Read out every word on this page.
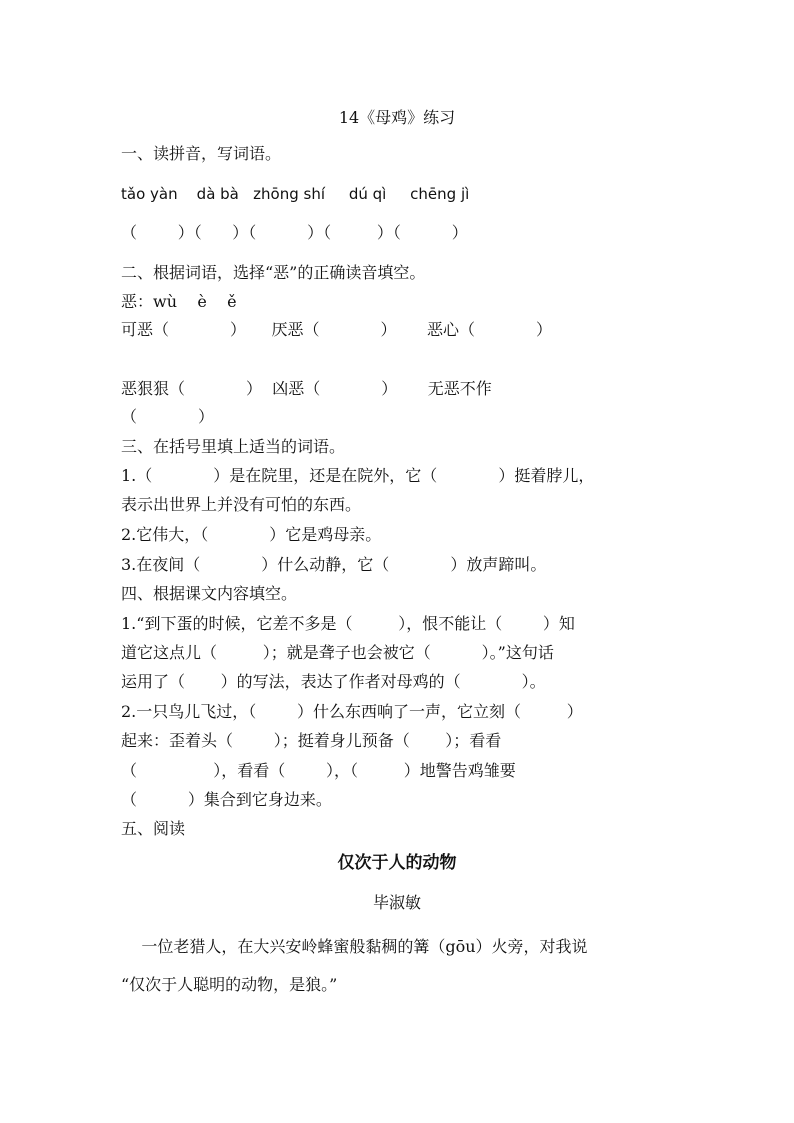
14《母鸡》练习
一、读拼音，写词语。
tǎo yàn    dà bà   zhōng shí     dú qì     chēng jì
（        ）（      ）（          ）（         ）（          ）
二、根据词语，选择“恶”的正确读音填空。
恶：wù    è    ě
可恶（            ）     厌恶（            ）      恶心（            ）
恶狠狠（            ）  凶恶（            ）      无恶不作
（            ）
三、在括号里填上适当的词语。
1.（            ）是在院里，还是在院外，它（            ）挺着脖儿，
表示出世界上并没有可怕的东西。
2.它伟大，（            ）它是鸡母亲。
3.在夜间（            ）什么动静，它（            ）放声蹄叫。
四、根据课文内容填空。
1.“到下蛋的时候，它差不多是（         ），恨不能让（        ）知
道它这点儿（         ）；就是聋子也会被它（          ）。”这句话
运用了（       ）的写法，表达了作者对母鸡的（            ）。
2.一只鸟儿飞过，（        ）什么东西响了一声，它立刻（         ）
起来：歪着头（        ）；挺着身儿预备（       ）；看看
（               ），看看（        ），（         ）地警告鸡雏要
（          ）集合到它身边来。
五、阅读
仅次于人的动物
毕淑敏
一位老猎人，在大兴安岭蜂蜜般黏稠的篝（gōu）火旁，对我说
“仅次于人聪明的动物，是狼。”
